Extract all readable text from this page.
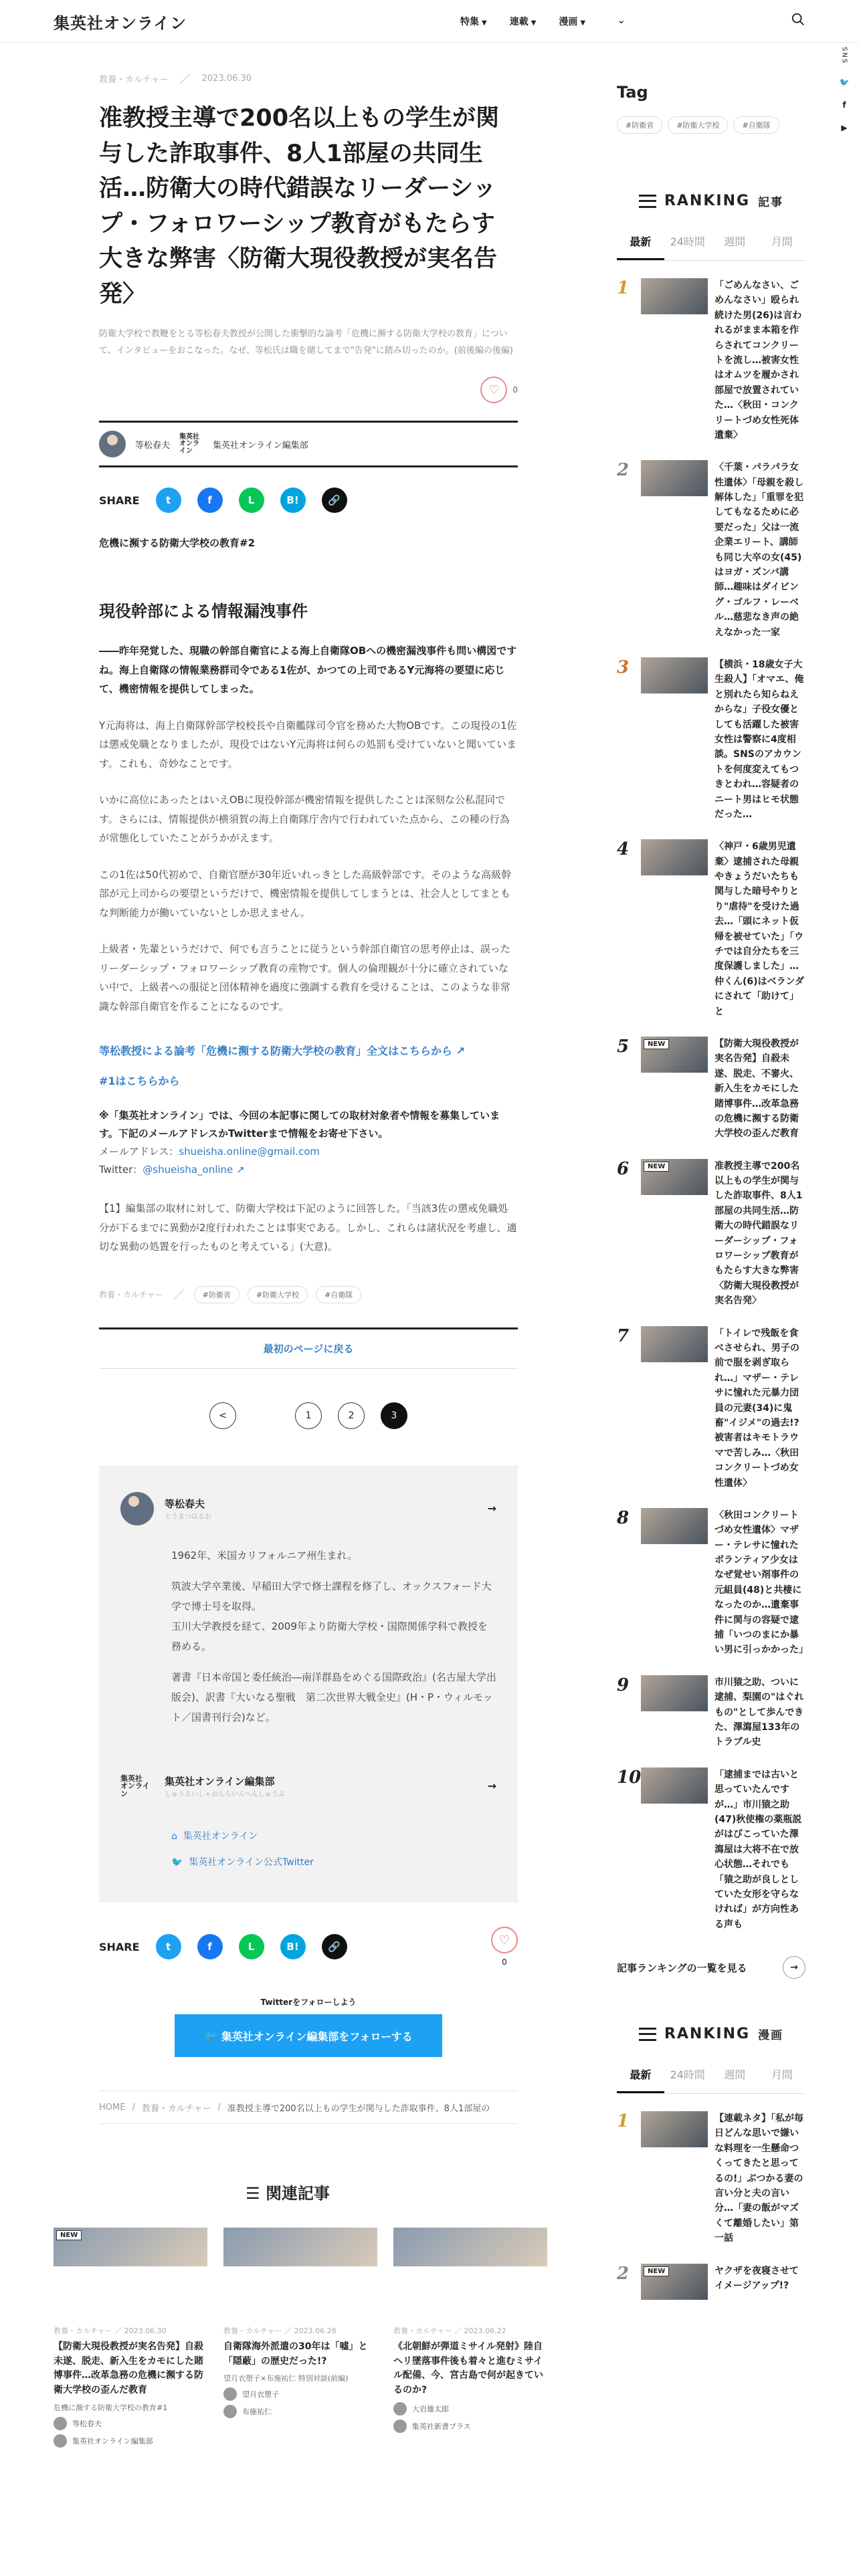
集英社オンライン	特集 ▼ 連載 ▼ 漫画 ▼	⌄
SNS
🐦
f
▶
教養・カルチャー	2023.06.30
准教授主導で200名以上もの学生が関与した詐取事件、8人1部屋の共同生活…防衛大の時代錯誤なリーダーシップ・フォロワーシップ教育がもたらす大きな弊害〈防衛大現役教授が実名告発〉

防衛大学校で教鞭をとる等松春夫教授が公開した衝撃的な論考「危機に瀕する防衛大学校の教育」について、インタビューをおこなった。なぜ、等松氏は職を賭してまで"告発"に踏み切ったのか。(前後編の後編)

♡	0
等松春夫
集英社
オンライン
集英社オンライン編集部
SHARE	t	f	L	B!	🔗
危機に瀕する防衛大学校の教育#2
現役幹部による情報漏洩事件

――昨年発覚した、現職の幹部自衛官による海上自衛隊OBへの機密漏洩事件も問い構図ですね。海上自衛隊の情報業務群司令である1佐が、かつての上司であるY元海将の要望に応じて、機密情報を提供してしまった。

Y元海将は、海上自衛隊幹部学校校長や自衛艦隊司令官を務めた大物OBです。この現役の1佐は懲戒免職となりましたが、現役ではないY元海将は何らの処罰も受けていないと聞いています。これも、奇妙なことです。

いかに高位にあったとはいえOBに現役幹部が機密情報を提供したことは深刻な公私混同です。さらには、情報提供が横須賀の海上自衛隊庁舎内で行われていた点から、この種の行為が常態化していたことがうかがえます。

この1佐は50代初めで、自衛官歴が30年近いれっきとした高級幹部です。そのような高級幹部が元上司からの要望というだけで、機密情報を提供してしまうとは、社会人としてまともな判断能力が働いていないとしか思えません。

上級者・先輩というだけで、何でも言うことに従うという幹部自衛官の思考停止は、誤ったリーダーシップ・フォロワーシップ教育の産物です。個人の倫理観が十分に確立されていない中で、上級者への服従と団体精神を過度に強調する教育を受けることは、このような非常識な幹部自衛官を作ることになるのです。

等松教授による論考「危機に瀕する防衛大学校の教育」全文はこちらから ↗
#1はこちらから

※「集英社オンライン」では、今回の本記事に関しての取材対象者や情報を募集しています。下記のメールアドレスかTwitterまで情報をお寄せ下さい。

メールアドレス：shueisha.online@gmail.com
Twitter：@shueisha_online ↗

【1】編集部の取材に対して、防衛大学校は下記のように回答した。「当該3佐の懲戒免職処分が下るまでに異動が2度行われたことは事実である。しかし、これらは諸状況を考慮し、適切な異動の処置を行ったものと考えている」(大意)。

教養・カルチャー	#防衛省	#防衛大学校	#自衛隊
最初のページに戻る
<	1	2	3
等松春夫
とうまつはるお
→

1962年、米国カリフォルニア州生まれ。

筑波大学卒業後、早稲田大学で修士課程を修了し、オックスフォード大学で博士号を取得。

玉川大学教授を経て、2009年より防衛大学校・国際関係学科で教授を務める。

著書『日本帝国と委任統治―南洋群島をめぐる国際政治』(名古屋大学出版会)、訳書『大いなる聖戦　第二次世界大戦全史』(H・P・ウィルモット／国書刊行会)など。

集英社
オンライン
集英社オンライン編集部
しゅうえいしゃおんらいんへんしゅうぶ
→
⌂ 集英社オンライン
🐦 集英社オンライン公式Twitter
SHARE	t	f	L	B!	🔗	♡
0
Twitterをフォローしよう
🐦
集英社オンライン編集部をフォローする
HOME / 教養・カルチャー / 准教授主導で200名以上もの学生が関与した詐取事件、8人1部屋の
☰ 関連記事
NEW
教養・カルチャー ／ 2023.06.30
【防衛大現役教授が実名告発】自殺未遂、脱走、新入生をカモにした賭博事件…改革急務の危機に瀕する防衛大学校の歪んだ教育
危機に瀕する防衛大学校の教育#1
等松春夫
集英社オンライン編集部
教養・カルチャー ／ 2023.06.28
自衛隊海外派遣の30年は「嘘」と「隠蔽」の歴史だった!?
望月衣塑子×布施祐仁 特別対談(前編)
望月衣塑子
布施祐仁
教養・カルチャー ／ 2023.06.22
《北朝鮮が弾道ミサイル発射》陸自ヘリ墜落事件後も着々と進むミサイル配備、今、宮古島で何が起きているのか?
大岩雄太郎
集英社新書プラス
Tag
#防衛省	#防衛大学校	#自衛隊
RANKING 記事
最新	24時間	週間	月間
1	「ごめんなさい、ごめんなさい」殴られ続けた男(26)は言われるがまま本箱を作らされてコンクリートを流し…被害女性はオムツを履かされ部屋で放置されていた…〈秋田・コンクリートづめ女性死体遺棄〉
2	〈千葉・パラパラ女性遺体〉「母親を殺し解体した」「重罪を犯してもなるために必要だった」父は一流企業エリート、講師も同じ大卒の女(45)はヨガ・ズンバ講師…趣味はダイビング・ゴルフ・レーベル…慈悲なき声の絶えなかった一家
3	【横浜・18歳女子大生殺人】「オマエ、俺と別れたら知らねえからな」子役女優としても活躍した被害女性は警察に4度相談。SNSのアカウントを何度変えてもつきとわれ…容疑者のニート男はヒモ状態だった…
4	〈神戸・6歳男児遺棄〉逮捕された母親やきょうだいたちも関与した暗号やりとり"虐待"を受けた過去…「頭にネット仮帰を被せていた」「ウチでは自分たちを三度保護しました」…仲くん(6)はベランダにされて「助けて」と
5	NEW	【防衛大現役教授が実名告発】自殺未遂、脱走、不審火、新入生をカモにした賭博事件…改革急務の危機に瀕する防衛大学校の歪んだ教育
6	NEW	准教授主導で200名以上もの学生が関与した詐取事件、8人1部屋の共同生活…防衛大の時代錯誤なリーダーシップ・フォロワーシップ教育がもたらす大きな弊害〈防衛大現役教授が実名告発〉
7	「トイレで残飯を食べさせられ、男子の前で服を剥ぎ取られ…」マザー・テレサに憧れた元暴力団員の元妻(34)に鬼畜"イジメ"の過去!? 被害者はキモトラウマで苦しみ…〈秋田コンクリートづめ女性遺体〉
8	〈秋田コンクリートづめ女性遺体〉マザー・テレサに憧れたボランティア少女はなぜ覚せい剤事件の元組員(48)と共棲になったのか…遺棄事件に関与の容疑で逮捕「いつのまにか暴い男に引っかかった」
9	市川猿之助、ついに逮捕、梨園の"はぐれもの"として歩んできた、澤瀉屋133年のトラブル史
10	「逮捕までは古いと思っていたんですが…」市川猿之助(47)秋使権の薬瓶説がはびこっていた澤瀉屋は大将不在で放心状態…それでも「猿之助が良しとしていた女形を守らなければ」が方向性ある声も
記事ランキングの一覧を見る	→
RANKING 漫画
最新	24時間	週間	月間
1	【連載ネタ】「私が毎日どんな思いで嫌いな料理を一生懸命つくってきたと思ってるの!」ぶつかる妻の言い分と夫の言い分…「妻の飯がマズくて離婚したい」第一話
2	NEW	ヤクザを夜寝させてイメージアップ!?
